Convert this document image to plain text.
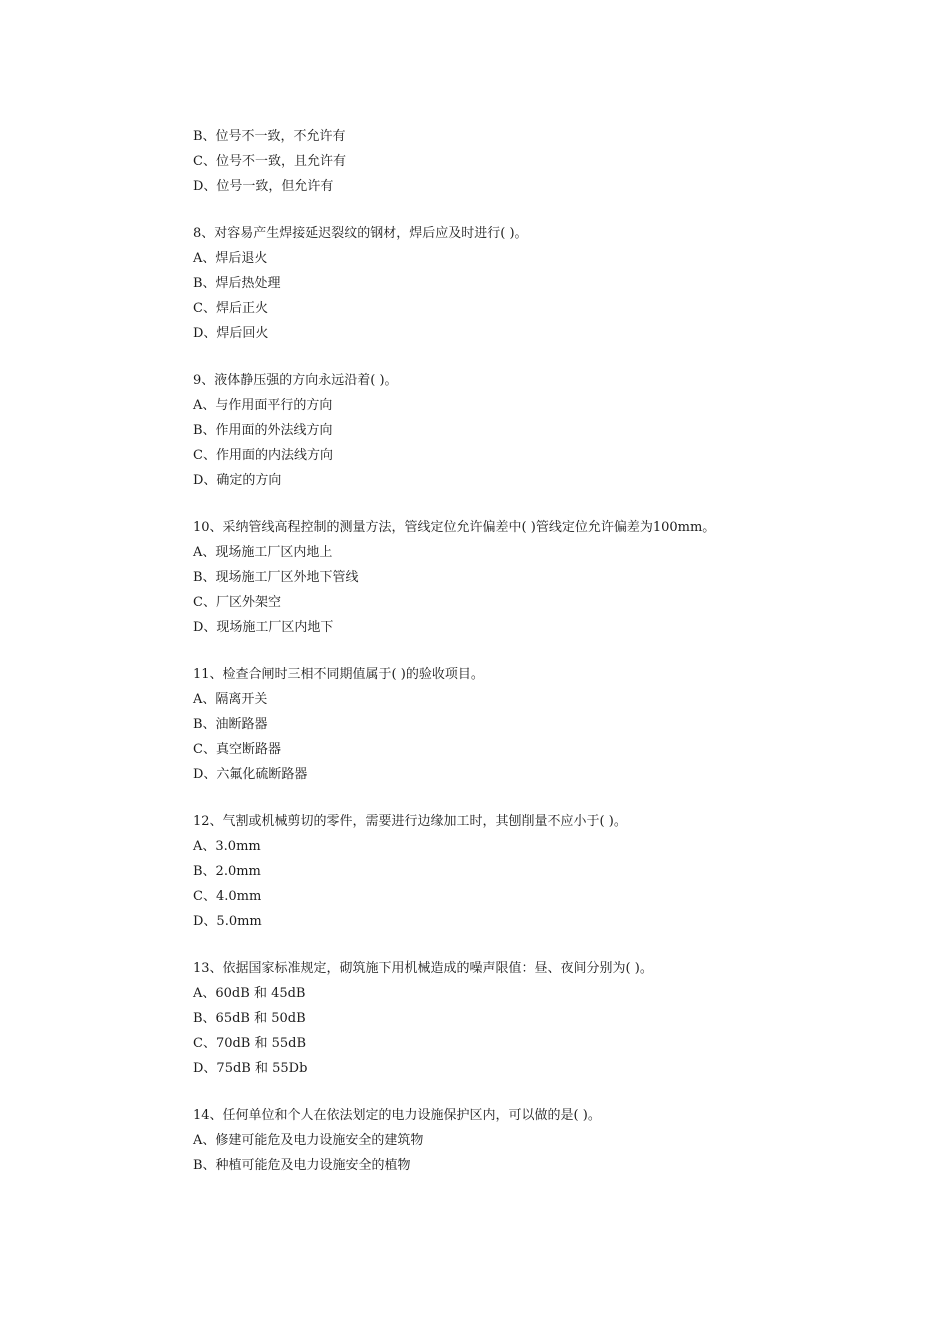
B、位号不一致，不允许有
C、位号不一致，且允许有
D、位号一致，但允许有
8、对容易产生焊接延迟裂纹的钢材，焊后应及时进行( )。
A、焊后退火
B、焊后热处理
C、焊后正火
D、焊后回火
9、液体静压强的方向永远沿着( )。
A、与作用面平行的方向
B、作用面的外法线方向
C、作用面的内法线方向
D、确定的方向
10、采纳管线高程控制的测量方法，管线定位允许偏差中( )管线定位允许偏差为100mm。
A、现场施工厂区内地上
B、现场施工厂区外地下管线
C、厂区外架空
D、现场施工厂区内地下
11、检查合闸时三相不同期值属于( )的验收项目。
A、隔离开关
B、油断路器
C、真空断路器
D、六氟化硫断路器
12、气割或机械剪切的零件，需要进行边缘加工时，其刨削量不应小于( )。
A、3.0mm
B、2.0mm
C、4.0mm
D、5.0mm
13、依据国家标准规定，砌筑施下用机械造成的噪声限值：昼、夜间分别为( )。
A、60dB 和 45dB
B、65dB 和 50dB
C、70dB 和 55dB
D、75dB 和 55Db
14、任何单位和个人在依法划定的电力设施保护区内，可以做的是( )。
A、修建可能危及电力设施安全的建筑物
B、种植可能危及电力设施安全的植物
